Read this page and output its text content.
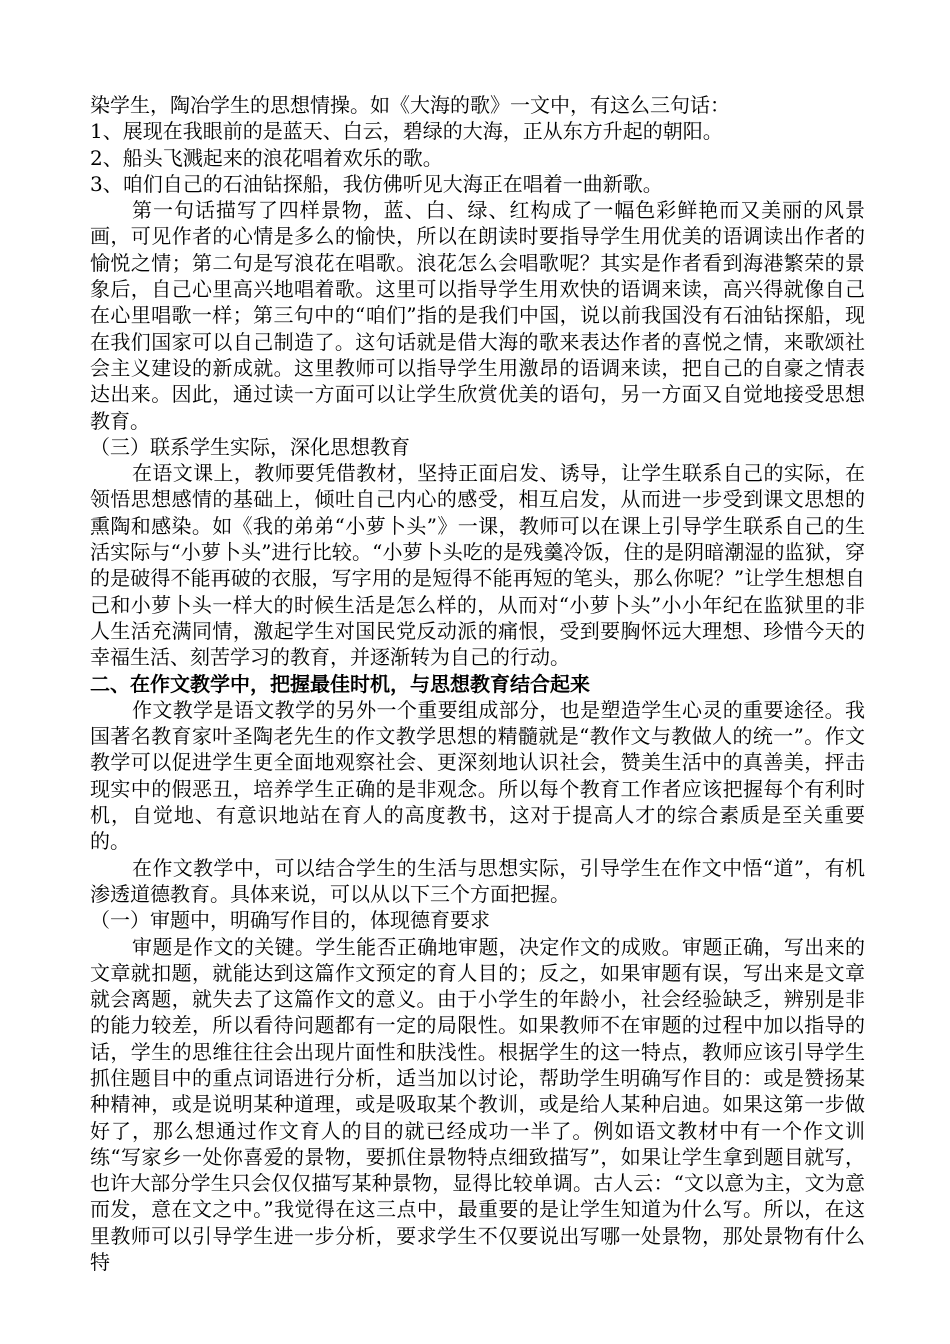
染学生，陶冶学生的思想情操。如《大海的歌》一文中，有这么三句话：

1、展现在我眼前的是蓝天、白云，碧绿的大海，正从东方升起的朝阳。

2、船头飞溅起来的浪花唱着欢乐的歌。

3、咱们自己的石油钻探船，我仿佛听见大海正在唱着一曲新歌。

第一句话描写了四样景物，蓝、白、绿、红构成了一幅色彩鲜艳而又美丽的风景画，可见作者的心情是多么的愉快，所以在朗读时要指导学生用优美的语调读出作者的愉悦之情；第二句是写浪花在唱歌。浪花怎么会唱歌呢？其实是作者看到海港繁荣的景象后，自己心里高兴地唱着歌。这里可以指导学生用欢快的语调来读，高兴得就像自己在心里唱歌一样；第三句中的“咱们”指的是我们中国，说以前我国没有石油钻探船，现在我们国家可以自己制造了。这句话就是借大海的歌来表达作者的喜悦之情，来歌颂社会主义建设的新成就。这里教师可以指导学生用激昂的语调来读，把自己的自豪之情表达出来。因此，通过读一方面可以让学生欣赏优美的语句，另一方面又自觉地接受思想教育。

（三）联系学生实际，深化思想教育

在语文课上，教师要凭借教材，坚持正面启发、诱导，让学生联系自己的实际，在领悟思想感情的基础上，倾吐自己内心的感受，相互启发，从而进一步受到课文思想的熏陶和感染。如《我的弟弟“小萝卜头”》一课，教师可以在课上引导学生联系自己的生活实际与“小萝卜头”进行比较。“小萝卜头吃的是残羹冷饭，住的是阴暗潮湿的监狱，穿的是破得不能再破的衣服，写字用的是短得不能再短的笔头，那么你呢？”让学生想想自己和小萝卜头一样大的时候生活是怎么样的，从而对“小萝卜头”小小年纪在监狱里的非人生活充满同情，激起学生对国民党反动派的痛恨，受到要胸怀远大理想、珍惜今天的幸福生活、刻苦学习的教育，并逐渐转为自己的行动。

二、在作文教学中，把握最佳时机，与思想教育结合起来

作文教学是语文教学的另外一个重要组成部分，也是塑造学生心灵的重要途径。我国著名教育家叶圣陶老先生的作文教学思想的精髓就是“教作文与教做人的统一”。作文教学可以促进学生更全面地观察社会、更深刻地认识社会，赞美生活中的真善美，抨击现实中的假恶丑，培养学生正确的是非观念。所以每个教育工作者应该把握每个有利时机，自觉地、有意识地站在育人的高度教书，这对于提高人才的综合素质是至关重要的。

在作文教学中，可以结合学生的生活与思想实际，引导学生在作文中悟“道”，有机渗透道德教育。具体来说，可以从以下三个方面把握。

（一）审题中，明确写作目的，体现德育要求

审题是作文的关键。学生能否正确地审题，决定作文的成败。审题正确，写出来的文章就扣题，就能达到这篇作文预定的育人目的；反之，如果审题有误，写出来是文章就会离题，就失去了这篇作文的意义。由于小学生的年龄小，社会经验缺乏，辨别是非的能力较差，所以看待问题都有一定的局限性。如果教师不在审题的过程中加以指导的话，学生的思维往往会出现片面性和肤浅性。根据学生的这一特点，教师应该引导学生抓住题目中的重点词语进行分析，适当加以讨论，帮助学生明确写作目的：或是赞扬某种精神，或是说明某种道理，或是吸取某个教训，或是给人某种启迪。如果这第一步做好了，那么想通过作文育人的目的就已经成功一半了。例如语文教材中有一个作文训练“写家乡一处你喜爱的景物，要抓住景物特点细致描写”，如果让学生拿到题目就写，也许大部分学生只会仅仅描写某种景物，显得比较单调。古人云：“文以意为主，文为意而发，意在文之中。”我觉得在这三点中，最重要的是让学生知道为什么写。所以，在这里教师可以引导学生进一步分析，要求学生不仅要说出写哪一处景物，那处景物有什么特
